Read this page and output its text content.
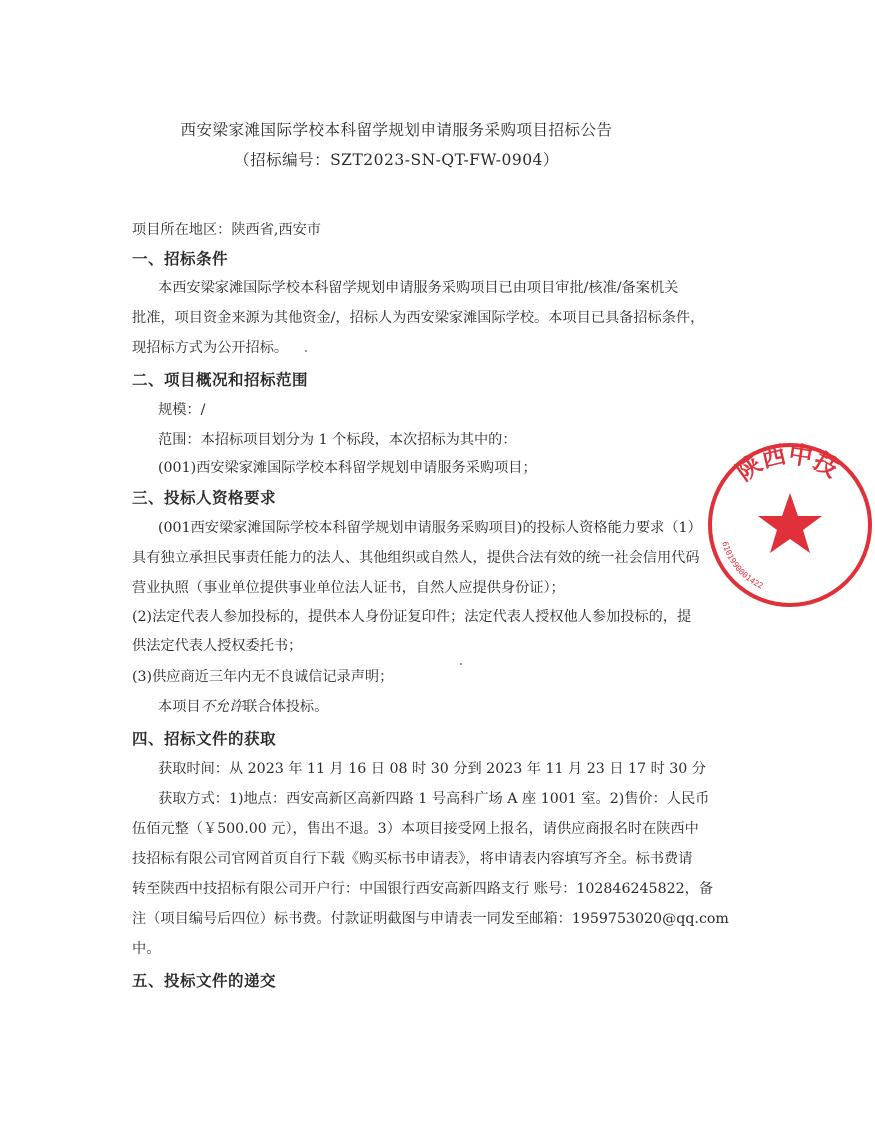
西安梁家滩国际学校本科留学规划申请服务采购项目招标公告
（招标编号：SZT2023-SN-QT-FW-0904）
项目所在地区：陕西省,西安市
一、招标条件
本西安梁家滩国际学校本科留学规划申请服务采购项目已由项目审批/核准/备案机关
批准，项目资金来源为其他资金/，招标人为西安梁家滩国际学校。本项目已具备招标条件，
现招标方式为公开招标。
二、项目概况和招标范围
规模：/
范围：本招标项目划分为 1 个标段，本次招标为其中的：
(001)西安梁家滩国际学校本科留学规划申请服务采购项目；
三、投标人资格要求
(001西安梁家滩国际学校本科留学规划申请服务采购项目)的投标人资格能力要求（1）
具有独立承担民事责任能力的法人、其他组织或自然人，提供合法有效的统一社会信用代码
营业执照（事业单位提供事业单位法人证书，自然人应提供身份证）；
(2)法定代表人参加投标的，提供本人身份证复印件；法定代表人授权他人参加投标的，提
供法定代表人授权委托书；
(3)供应商近三年内无不良诚信记录声明；
本项目不允许联合体投标。
四、招标文件的获取
获取时间：从 2023 年 11 月 16 日 08 时 30 分到 2023 年 11 月 23 日 17 时 30 分
获取方式：1)地点：西安高新区高新四路 1 号高科广场 A 座 1001 室。2)售价：人民币
伍佰元整（￥500.00 元），售出不退。3）本项目接受网上报名，请供应商报名时在陕西中
技招标有限公司官网首页自行下载《购买标书申请表》，将申请表内容填写齐全。标书费请
转至陕西中技招标有限公司开户行：中国银行西安高新四路支行 账号：102846245822，备
注（项目编号后四位）标书费。付款证明截图与申请表一同发至邮箱：1959753020@qq.com
中。
五、投标文件的递交
陕西中技
6101990001422
